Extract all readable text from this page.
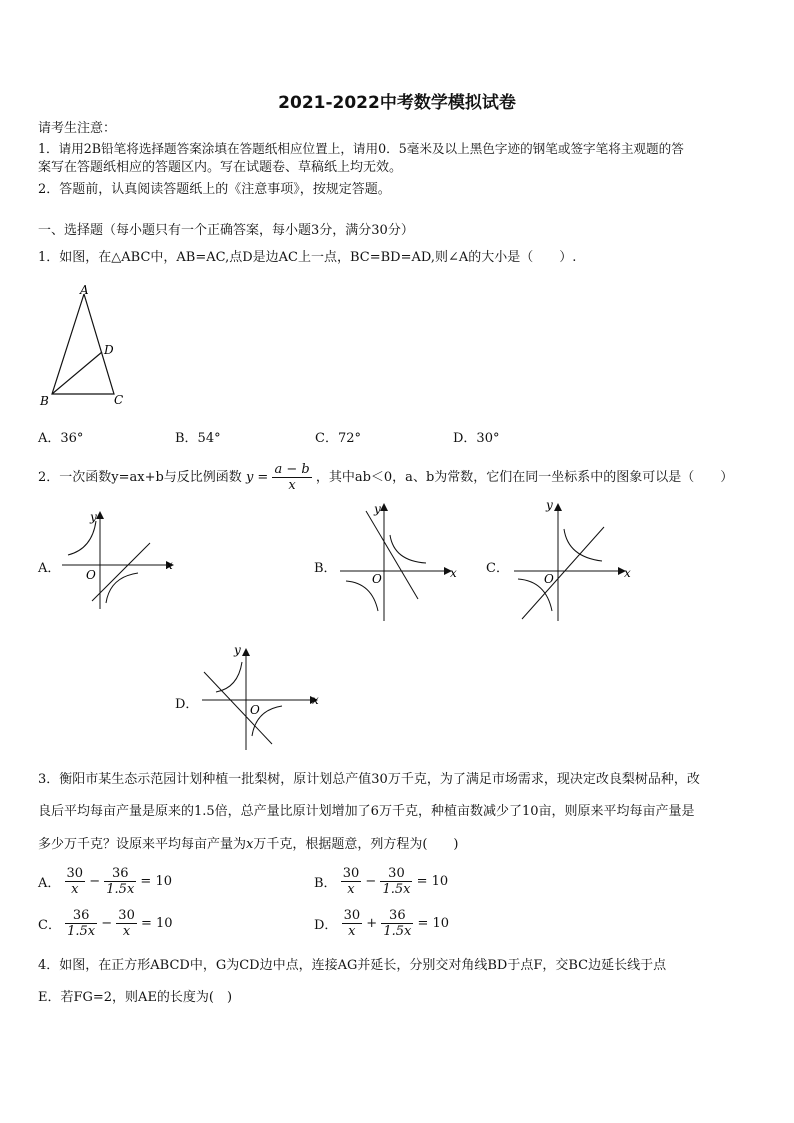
2021-2022中考数学模拟试卷
请考生注意：
1．请用2B铅笔将选择题答案涂填在答题纸相应位置上，请用0．5毫米及以上黑色字迹的钢笔或签字笔将主观题的答
案写在答题纸相应的答题区内。写在试题卷、草稿纸上均无效。
2．答题前，认真阅读答题纸上的《注意事项》，按规定答题。
一、选择题（每小题只有一个正确答案，每小题3分，满分30分）
1．如图，在△ABC中，AB=AC,点D是边AC上一点，BC=BD=AD,则∠A的大小是（　　）.
A
D
B	C
A．36°	B．54°	C．72°	D．30°
2．一次函数y=ax+b与反比例函数 $y = \frac{a - b}{x}$ ，其中ab＜0，a、b为常数，它们在同一坐标系中的图象可以是（　　）
A．	x
y
O	B．	x
y
O
C．	x
y
O
D．	x
y
O
3．衡阳市某生态示范园计划种植一批梨树，原计划总产值30万千克，为了满足市场需求，现决定改良梨树品种，改
良后平均每亩产量是原来的1.5倍，总产量比原计划增加了6万千克，种植亩数减少了10亩，则原来平均每亩产量是
多少万千克？设原来平均每亩产量为x万千克，根据题意，列方程为(　　)
A． $\frac{30}{x} - \frac{36}{1.5x} = 10$	B． $\frac{30}{x} - \frac{30}{1.5x} = 10$
C． $\frac{36}{1.5x} - \frac{30}{x} = 10$	D． $\frac{30}{x} + \frac{36}{1.5x} = 10$
4．如图，在正方形ABCD中，G为CD边中点，连接AG并延长，分别交对角线BD于点F，交BC边延长线于点
E．若FG=2，则AE的长度为(　)
